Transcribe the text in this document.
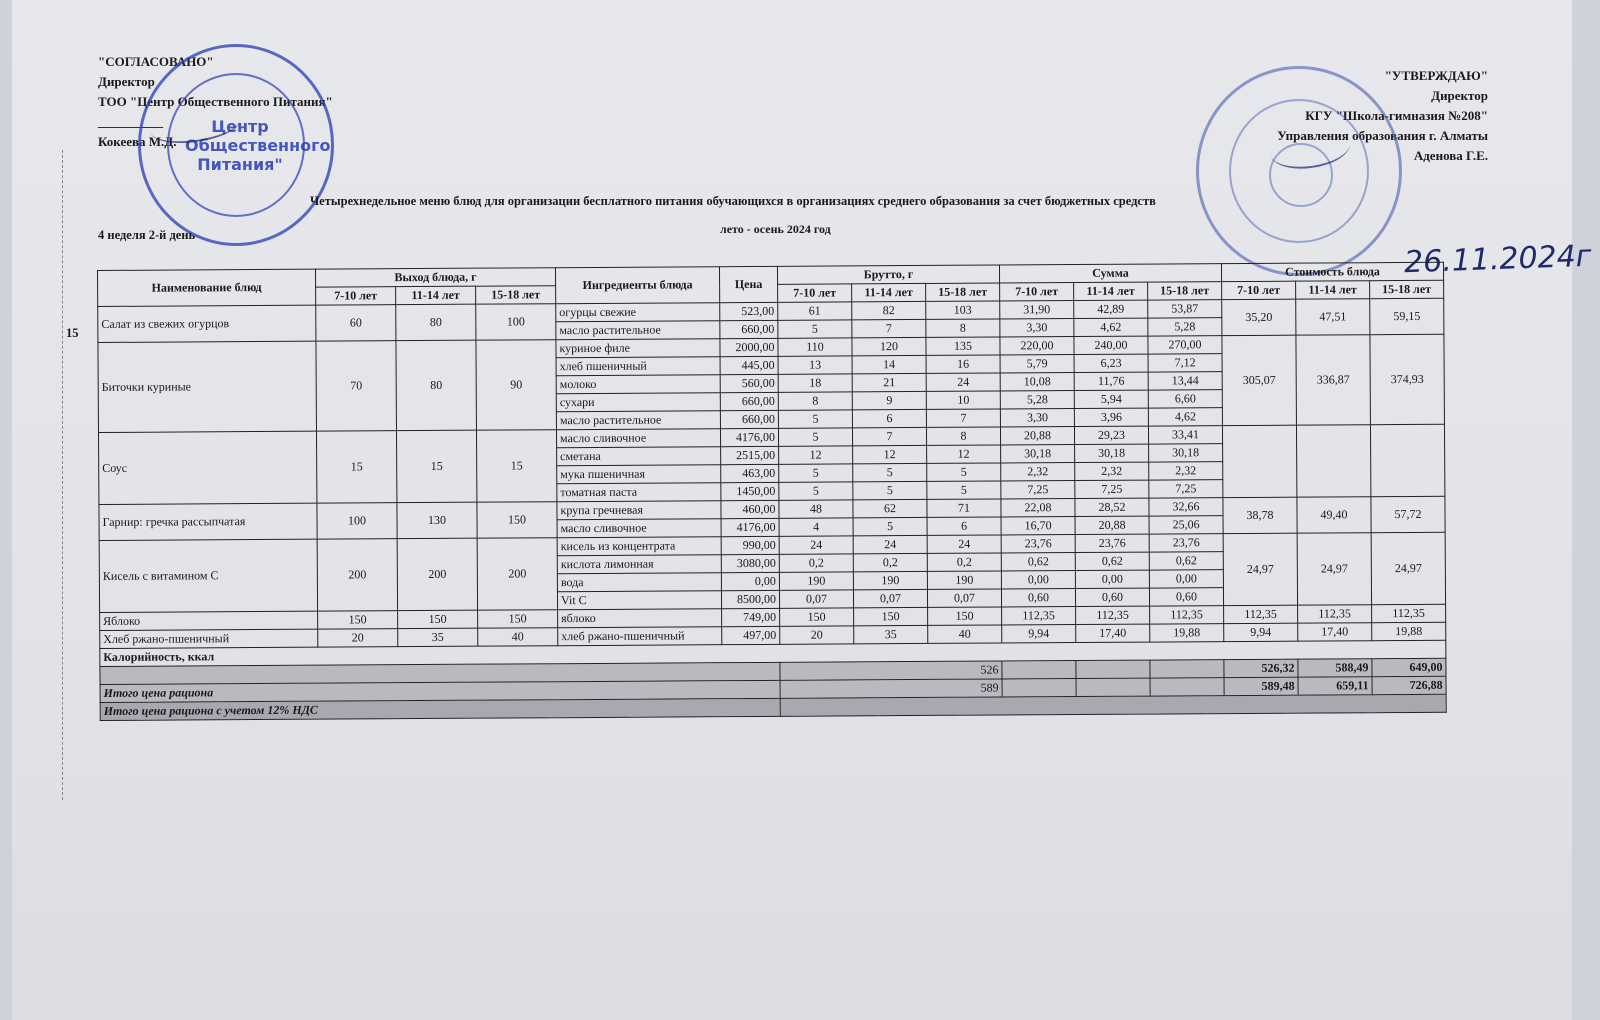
"СОГЛАСОВАНО"
Директор
ТОО "Центр Общественного Питания"
__________
Кокеева М.Д.
"УТВЕРЖДАЮ"
Директор
КГУ "Школа-гимназия №208"
Управления образования г. Алматы
Аденова Г.Е.
Центр
Общественного
Питания"
Четырехнедельное меню блюд для организации бесплатного питания обучающихся в организациях среднего образования за счет бюджетных средств
4 неделя 2-й день	лето - осень 2024 год
15
26.11.2024г
Наименование блюд	Выход блюда, г			Ингредиенты блюда	Цена	Брутто, г			Сумма			Стоимость блюда		
	7-10 лет	11-14 лет	15-18 лет			7-10 лет	11-14 лет	15-18 лет	7-10 лет	11-14 лет	15-18 лет	7-10 лет	11-14 лет	15-18 лет
Салат из свежих огурцов	60	80	100	огурцы свежие	523,00	61	82	103	31,90	42,89	53,87	35,20	47,51	59,15
				масло растительное	660,00	5	7	8	3,30	4,62	5,28			
Биточки куриные	70	80	90	куриное филе	2000,00	110	120	135	220,00	240,00	270,00	305,07	336,87	374,93
				хлеб пшеничный	445,00	13	14	16	5,79	6,23	7,12			
				молоко	560,00	18	21	24	10,08	11,76	13,44			
				сухари	660,00	8	9	10	5,28	5,94	6,60			
				масло растительное	660,00	5	6	7	3,30	3,96	4,62			
Соус	15	15	15	масло сливочное	4176,00	5	7	8	20,88	29,23	33,41			
				сметана	2515,00	12	12	12	30,18	30,18	30,18			
				мука пшеничная	463,00	5	5	5	2,32	2,32	2,32			
				томатная паста	1450,00	5	5	5	7,25	7,25	7,25			
Гарнир: гречка рассыпчатая	100	130	150	крупа гречневая	460,00	48	62	71	22,08	28,52	32,66	38,78	49,40	57,72
				масло сливочное	4176,00	4	5	6	16,70	20,88	25,06			
Кисель с витамином С	200	200	200	кисель из концентрата	990,00	24	24	24	23,76	23,76	23,76	24,97	24,97	24,97
				кислота лимонная	3080,00	0,2	0,2	0,2	0,62	0,62	0,62			
				вода	0,00	190	190	190	0,00	0,00	0,00			
				Vit C	8500,00	0,07	0,07	0,07	0,60	0,60	0,60			
Яблоко	150	150	150	яблоко	749,00	150	150	150	112,35	112,35	112,35	112,35	112,35	112,35
Хлеб ржано-пшеничный	20	35	40	хлеб ржано-пшеничный	497,00	20	35	40	9,94	17,40	19,88	9,94	17,40	19,88
Калорийность, ккал														
						526						526,32	588,49	649,00
Итого цена рациона						589						589,48	659,11	726,88
Итого цена рациона с учетом 12% НДС														
